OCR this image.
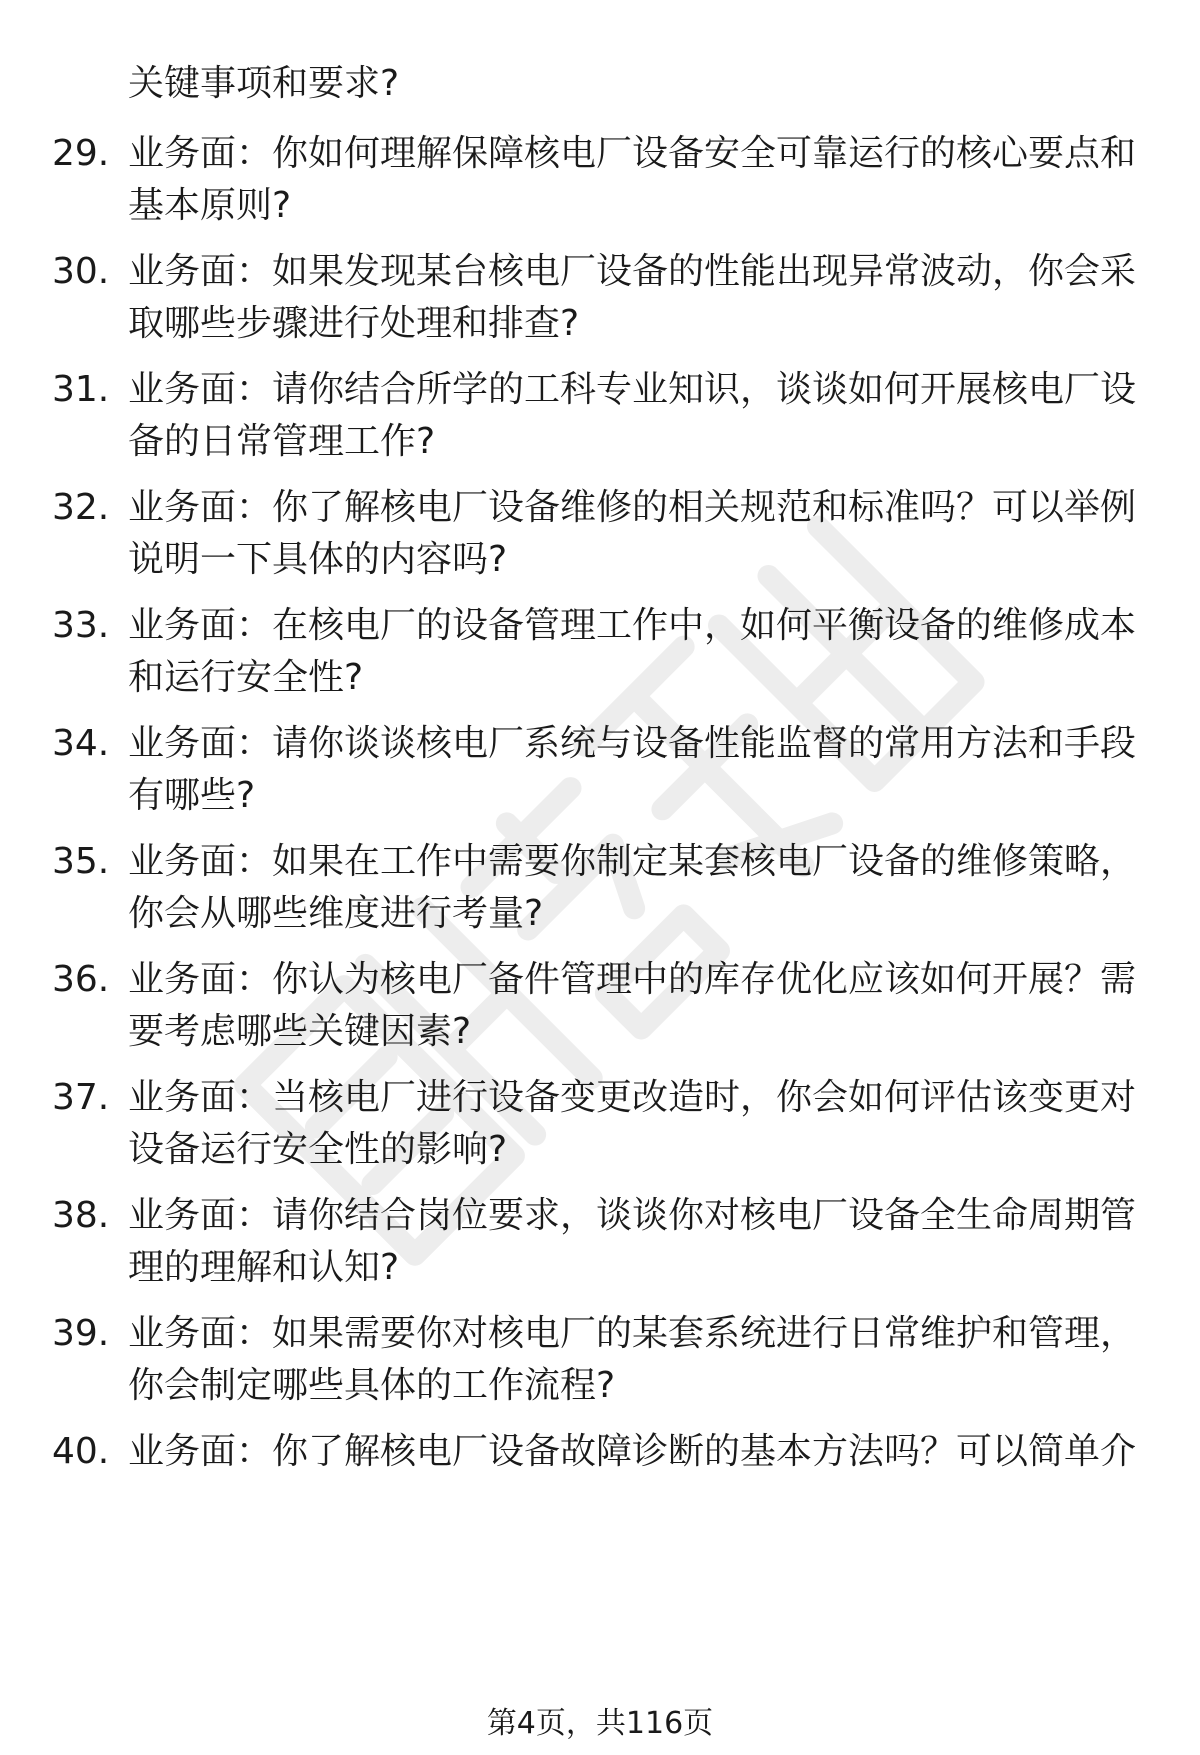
关键事项和要求?

29. 业务面：你如何理解保障核电厂设备安全可靠运行的核心要点和基本原则?
30. 业务面：如果发现某台核电厂设备的性能出现异常波动，你会采取哪些步骤进行处理和排查?
31. 业务面：请你结合所学的工科专业知识，谈谈如何开展核电厂设备的日常管理工作?
32. 业务面：你了解核电厂设备维修的相关规范和标准吗？可以举例说明一下具体的内容吗?
33. 业务面：在核电厂的设备管理工作中，如何平衡设备的维修成本和运行安全性?
34. 业务面：请你谈谈核电厂系统与设备性能监督的常用方法和手段有哪些?
35. 业务面：如果在工作中需要你制定某套核电厂设备的维修策略，你会从哪些维度进行考量?
36. 业务面：你认为核电厂备件管理中的库存优化应该如何开展？需要考虑哪些关键因素?
37. 业务面：当核电厂进行设备变更改造时，你会如何评估该变更对设备运行安全性的影响?
38. 业务面：请你结合岗位要求，谈谈你对核电厂设备全生命周期管理的理解和认知?
39. 业务面：如果需要你对核电厂的某套系统进行日常维护和管理，你会制定哪些具体的工作流程?
40. 业务面：你了解核电厂设备故障诊断的基本方法吗？可以简单介
第4页，共116页
